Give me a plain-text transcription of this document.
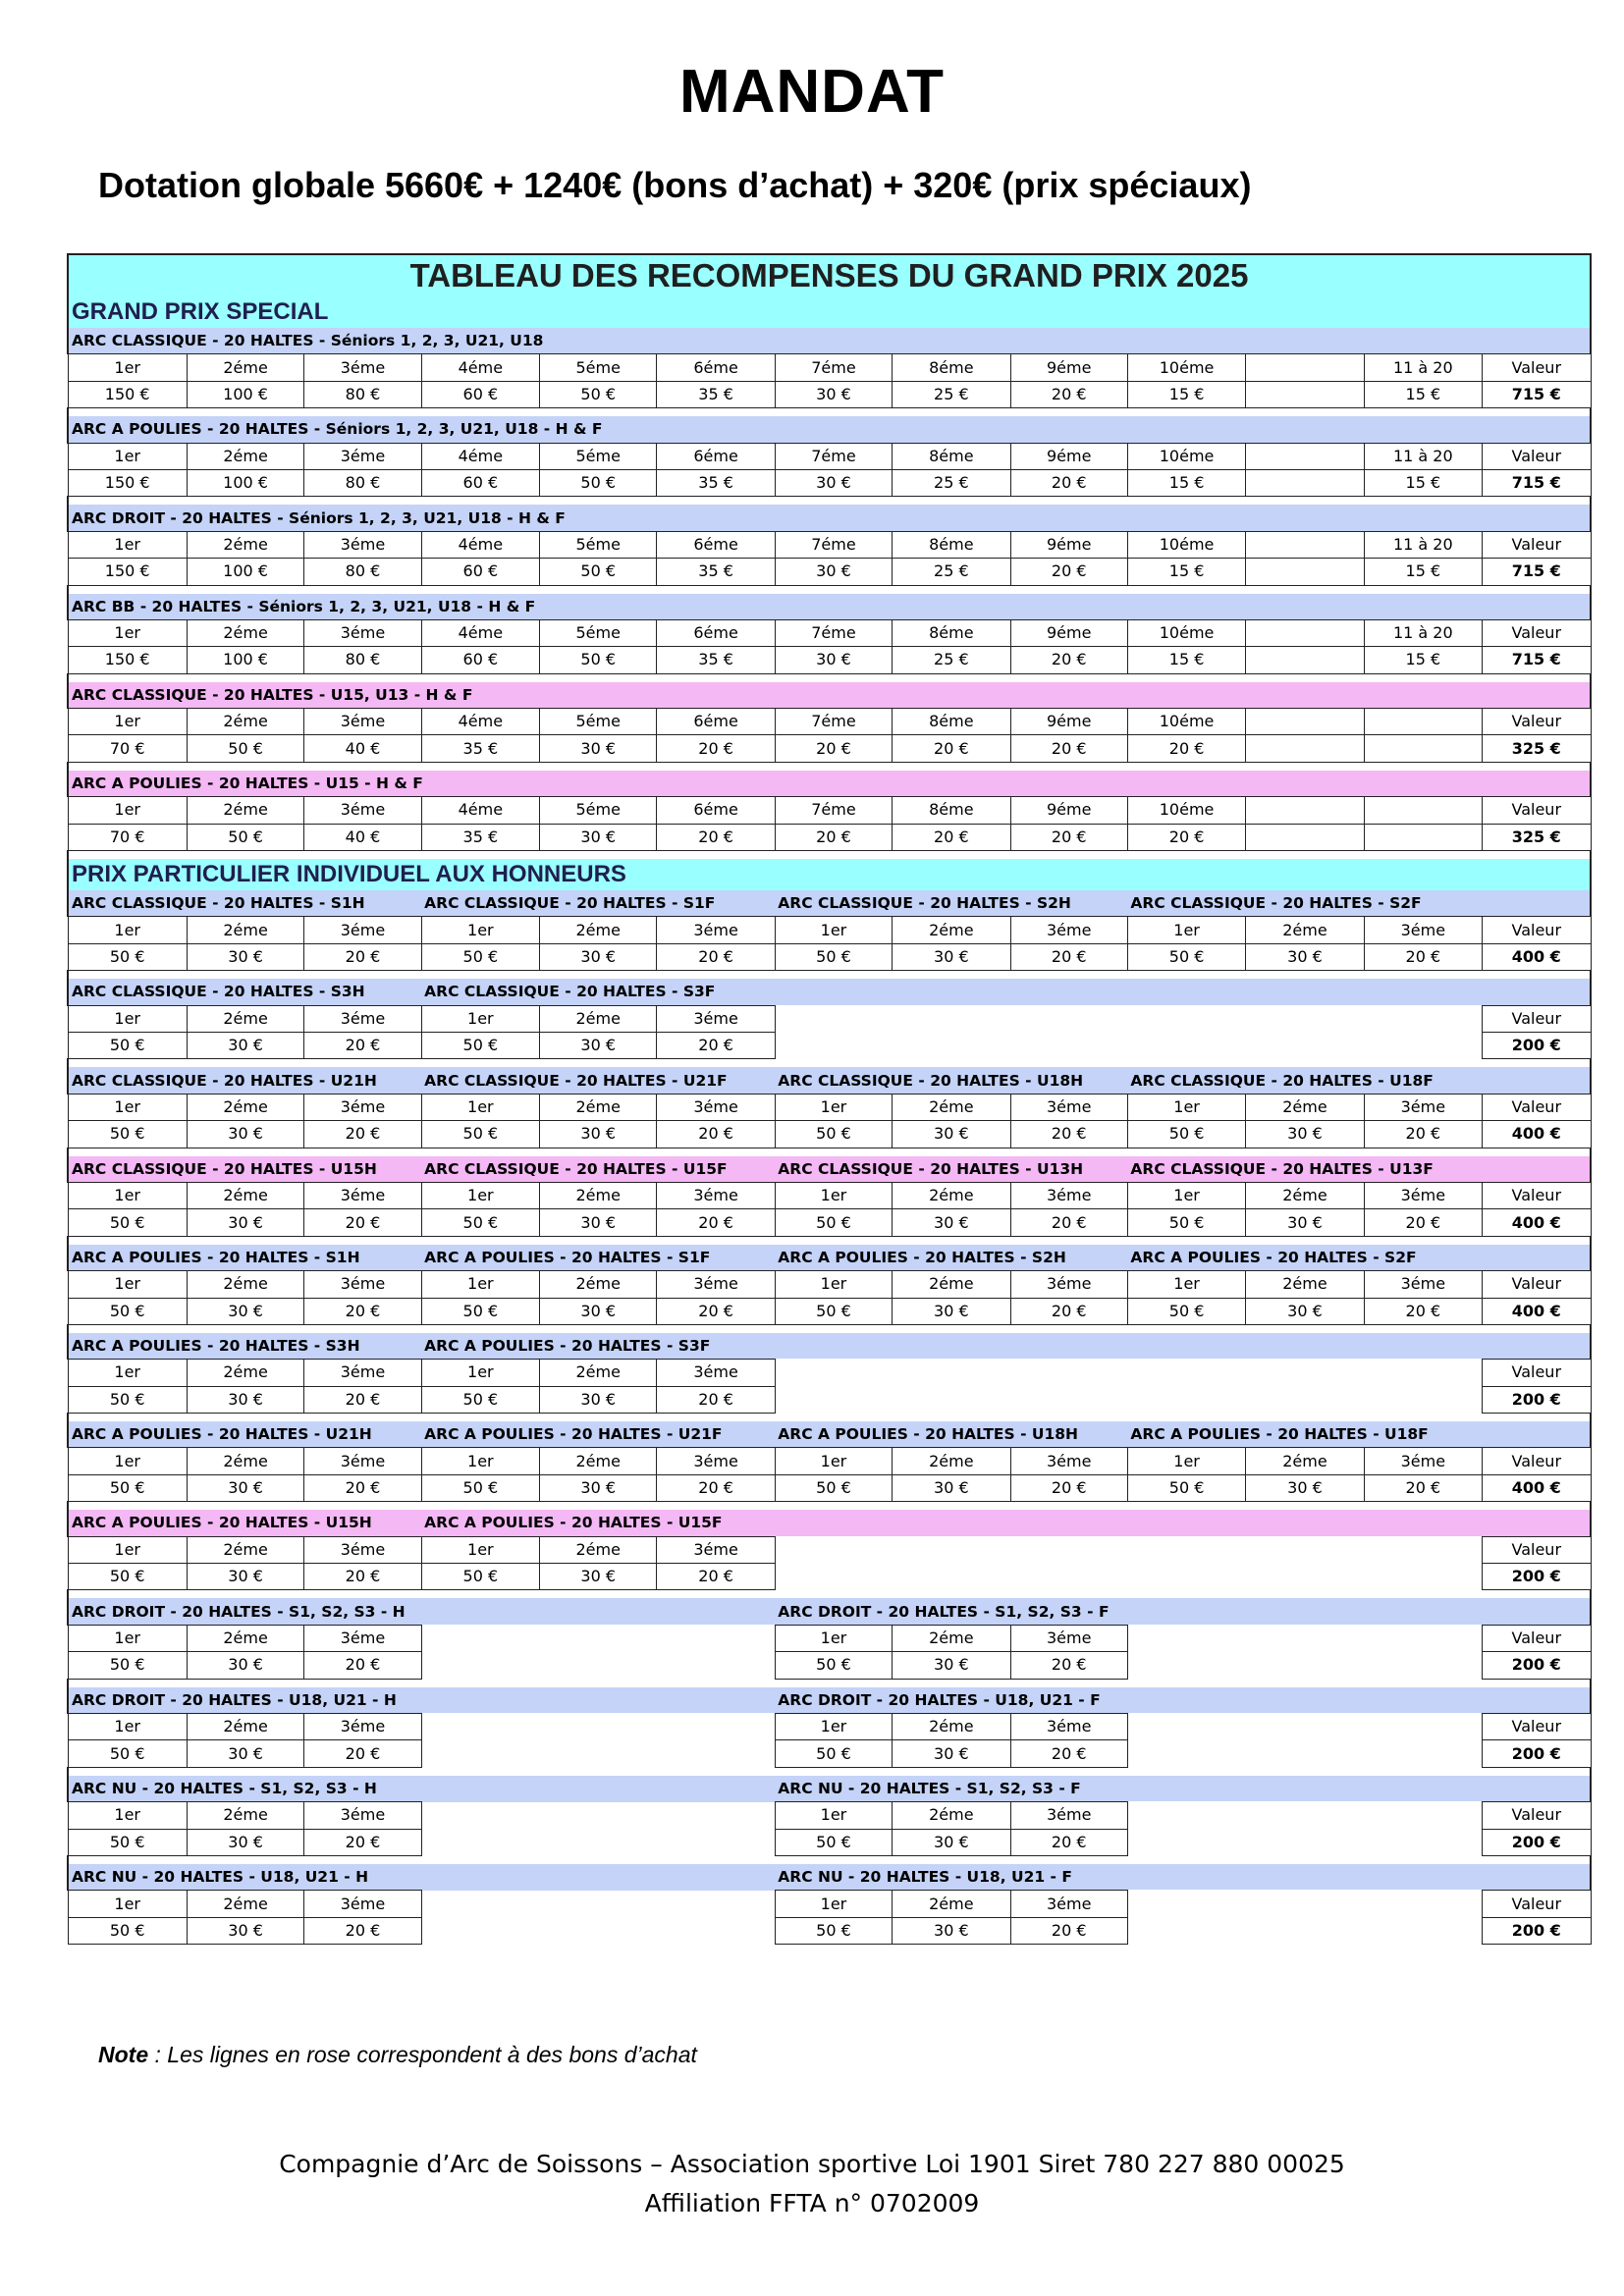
MANDAT
Dotation globale 5660€ + 1240€ (bons d’achat) + 320€ (prix spéciaux)
TABLEAU DES RECOMPENSES DU GRAND PRIX 2025												
GRAND PRIX SPECIAL												
ARC CLASSIQUE - 20 HALTES - Séniors 1, 2, 3, U21, U18												
1er	2éme	3éme	4éme	5éme	6éme	7éme	8éme	9éme	10éme		11 à 20	Valeur
150 €	100 €	80 €	60 €	50 €	35 €	30 €	25 €	20 €	15 €		15 €	715 €

ARC A POULIES - 20 HALTES - Séniors 1, 2, 3, U21, U18 - H & F												
1er	2éme	3éme	4éme	5éme	6éme	7éme	8éme	9éme	10éme		11 à 20	Valeur
150 €	100 €	80 €	60 €	50 €	35 €	30 €	25 €	20 €	15 €		15 €	715 €

ARC DROIT - 20 HALTES - Séniors 1, 2, 3, U21, U18 - H & F												
1er	2éme	3éme	4éme	5éme	6éme	7éme	8éme	9éme	10éme		11 à 20	Valeur
150 €	100 €	80 €	60 €	50 €	35 €	30 €	25 €	20 €	15 €		15 €	715 €

ARC BB - 20 HALTES - Séniors 1, 2, 3, U21, U18 - H & F												
1er	2éme	3éme	4éme	5éme	6éme	7éme	8éme	9éme	10éme		11 à 20	Valeur
150 €	100 €	80 €	60 €	50 €	35 €	30 €	25 €	20 €	15 €		15 €	715 €

ARC CLASSIQUE - 20 HALTES - U15, U13 - H & F												
1er	2éme	3éme	4éme	5éme	6éme	7éme	8éme	9éme	10éme			Valeur
70 €	50 €	40 €	35 €	30 €	20 €	20 €	20 €	20 €	20 €			325 €

ARC A POULIES - 20 HALTES - U15 - H & F												
1er	2éme	3éme	4éme	5éme	6éme	7éme	8éme	9éme	10éme			Valeur
70 €	50 €	40 €	35 €	30 €	20 €	20 €	20 €	20 €	20 €			325 €

PRIX PARTICULIER INDIVIDUEL AUX HONNEURS												
ARC CLASSIQUE - 20 HALTES - S1H			ARC CLASSIQUE - 20 HALTES - S1F			ARC CLASSIQUE - 20 HALTES - S2H			ARC CLASSIQUE - 20 HALTES - S2F			
1er	2éme	3éme	1er	2éme	3éme	1er	2éme	3éme	1er	2éme	3éme	Valeur
50 €	30 €	20 €	50 €	30 €	20 €	50 €	30 €	20 €	50 €	30 €	20 €	400 €

ARC CLASSIQUE - 20 HALTES - S3H			ARC CLASSIQUE - 20 HALTES - S3F									
1er	2éme	3éme	1er	2éme	3éme							Valeur
50 €	30 €	20 €	50 €	30 €	20 €							200 €

ARC CLASSIQUE - 20 HALTES - U21H			ARC CLASSIQUE - 20 HALTES - U21F			ARC CLASSIQUE - 20 HALTES - U18H			ARC CLASSIQUE - 20 HALTES - U18F			
1er	2éme	3éme	1er	2éme	3éme	1er	2éme	3éme	1er	2éme	3éme	Valeur
50 €	30 €	20 €	50 €	30 €	20 €	50 €	30 €	20 €	50 €	30 €	20 €	400 €

ARC CLASSIQUE - 20 HALTES - U15H			ARC CLASSIQUE - 20 HALTES - U15F			ARC CLASSIQUE - 20 HALTES - U13H			ARC CLASSIQUE - 20 HALTES - U13F			
1er	2éme	3éme	1er	2éme	3éme	1er	2éme	3éme	1er	2éme	3éme	Valeur
50 €	30 €	20 €	50 €	30 €	20 €	50 €	30 €	20 €	50 €	30 €	20 €	400 €

ARC A POULIES - 20 HALTES - S1H			ARC A POULIES - 20 HALTES - S1F			ARC A POULIES - 20 HALTES - S2H			ARC A POULIES - 20 HALTES - S2F			
1er	2éme	3éme	1er	2éme	3éme	1er	2éme	3éme	1er	2éme	3éme	Valeur
50 €	30 €	20 €	50 €	30 €	20 €	50 €	30 €	20 €	50 €	30 €	20 €	400 €

ARC A POULIES - 20 HALTES - S3H			ARC A POULIES - 20 HALTES - S3F									
1er	2éme	3éme	1er	2éme	3éme							Valeur
50 €	30 €	20 €	50 €	30 €	20 €							200 €

ARC A POULIES - 20 HALTES - U21H			ARC A POULIES - 20 HALTES - U21F			ARC A POULIES - 20 HALTES - U18H			ARC A POULIES - 20 HALTES - U18F			
1er	2éme	3éme	1er	2éme	3éme	1er	2éme	3éme	1er	2éme	3éme	Valeur
50 €	30 €	20 €	50 €	30 €	20 €	50 €	30 €	20 €	50 €	30 €	20 €	400 €

ARC A POULIES - 20 HALTES - U15H			ARC A POULIES - 20 HALTES - U15F									
1er	2éme	3éme	1er	2éme	3éme							Valeur
50 €	30 €	20 €	50 €	30 €	20 €							200 €

ARC DROIT - 20 HALTES - S1, S2, S3 - H						ARC DROIT - 20 HALTES - S1, S2, S3 - F						
1er	2éme	3éme				1er	2éme	3éme				Valeur
50 €	30 €	20 €				50 €	30 €	20 €				200 €

ARC DROIT - 20 HALTES - U18, U21 - H						ARC DROIT - 20 HALTES - U18, U21 - F						
1er	2éme	3éme				1er	2éme	3éme				Valeur
50 €	30 €	20 €				50 €	30 €	20 €				200 €

ARC NU - 20 HALTES - S1, S2, S3 - H						ARC NU - 20 HALTES - S1, S2, S3 - F						
1er	2éme	3éme				1er	2éme	3éme				Valeur
50 €	30 €	20 €				50 €	30 €	20 €				200 €

ARC NU - 20 HALTES - U18, U21 - H						ARC NU - 20 HALTES - U18, U21 - F						
1er	2éme	3éme				1er	2éme	3éme				Valeur
50 €	30 €	20 €				50 €	30 €	20 €				200 €

Note : Les lignes en rose correspondent à des bons d’achat

Compagnie d’Arc de Soissons – Association sportive Loi 1901 Siret 780 227 880 00025
Affiliation FFTA n° 0702009
